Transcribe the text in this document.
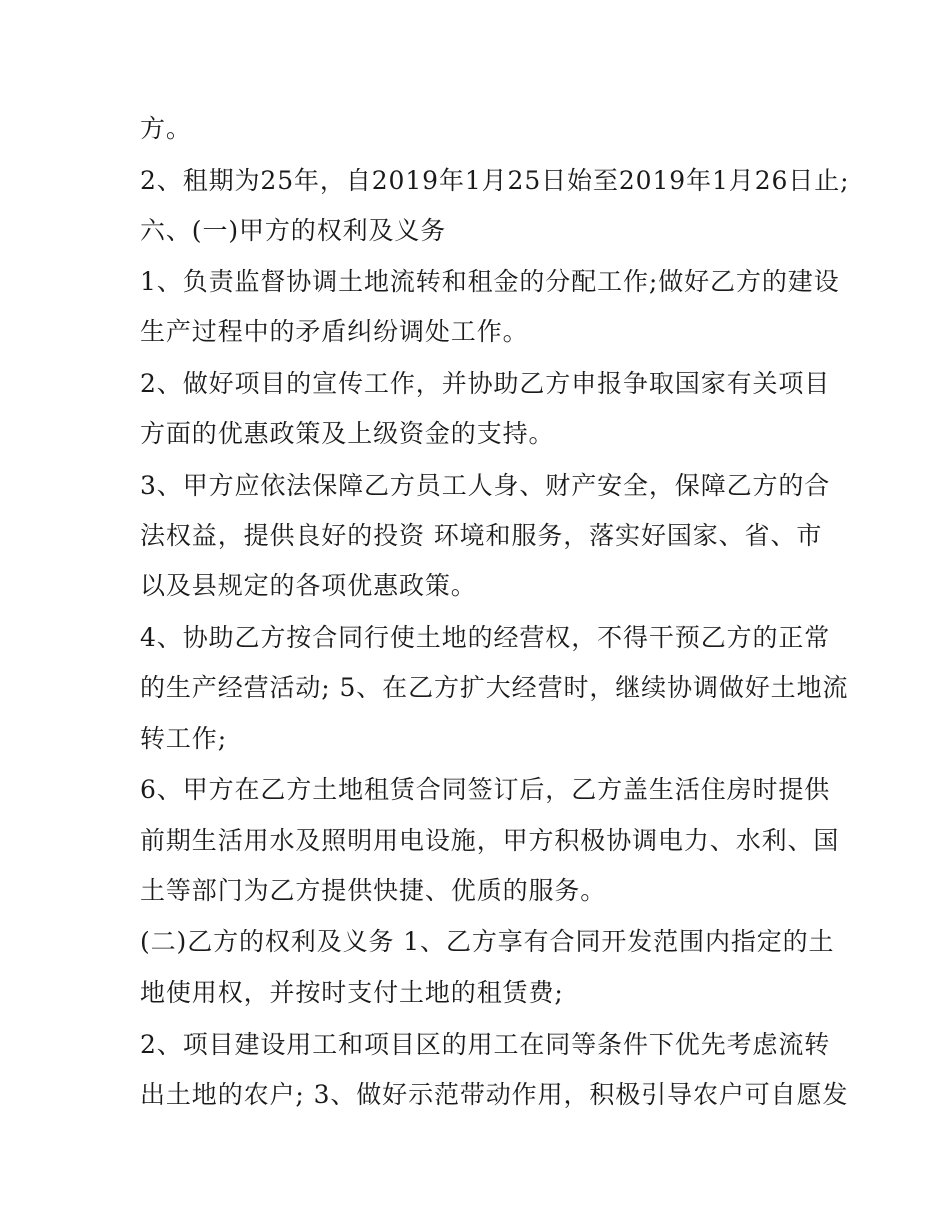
方。

2、租期为25年，自2019年1月25日始至2019年1月26日止;

六、(一)甲方的权利及义务

1、负责监督协调土地流转和租金的分配工作;做好乙方的建设

生产过程中的矛盾纠纷调处工作。

2、做好项目的宣传工作，并协助乙方申报争取国家有关项目

方面的优惠政策及上级资金的支持。

3、甲方应依法保障乙方员工人身、财产安全，保障乙方的合

法权益，提供良好的投资 环境和服务，落实好国家、省、市

以及县规定的各项优惠政策。

4、协助乙方按合同行使土地的经营权，不得干预乙方的正常

的生产经营活动; 5、在乙方扩大经营时，继续协调做好土地流

转工作;

6、甲方在乙方土地租赁合同签订后，乙方盖生活住房时提供

前期生活用水及照明用电设施，甲方积极协调电力、水利、国

土等部门为乙方提供快捷、优质的服务。

(二)乙方的权利及义务 1、乙方享有合同开发范围内指定的土

地使用权，并按时支付土地的租赁费;

2、项目建设用工和项目区的用工在同等条件下优先考虑流转

出土地的农户; 3、做好示范带动作用，积极引导农户可自愿发
